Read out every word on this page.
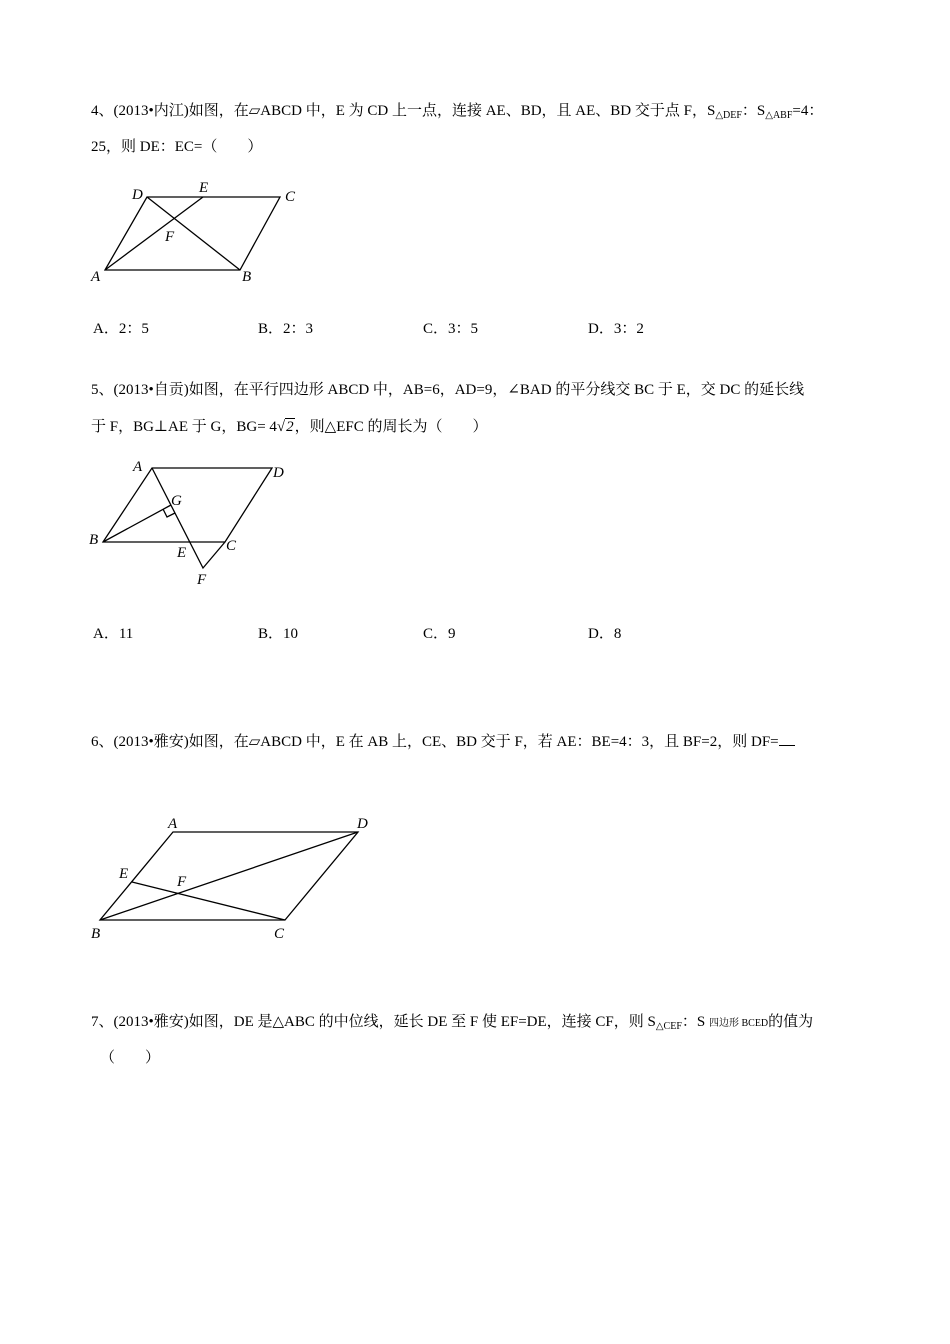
4、(2013•内江)如图，在▱ABCD 中，E 为 CD 上一点，连接 AE、BD，且 AE、BD 交于点 F，$S_{\triangle DEF}$：$S_{\triangle ABF}=4$：
25，则 DE：EC=（　　）
A	B
C
D	E
F
A．2：5	B．2：3	C．3：5	D．3：2
5、(2013•自贡)如图，在平行四边形 ABCD 中，AB=6，AD=9，∠BAD 的平分线交 BC 于 E，交 DC 的延长线
于 F，BG⊥AE 于 G，BG= 4√2，则△EFC 的周长为（　　）
A
B	C
D
E
F
G
A．11	B．10	C．9	D．8
6、(2013•雅安)如图，在▱ABCD 中，E 在 AB 上，CE、BD 交于 F，若 AE：BE=4：3，且 BF=2，则 DF=
A
B	C
D
E	F
7、(2013•雅安)如图，DE 是△ABC 的中位线，延长 DE 至 F 使 EF=DE，连接 CF，则 $S_{\triangle CEF}$：S 四边形 BCED的值为
（　　）
